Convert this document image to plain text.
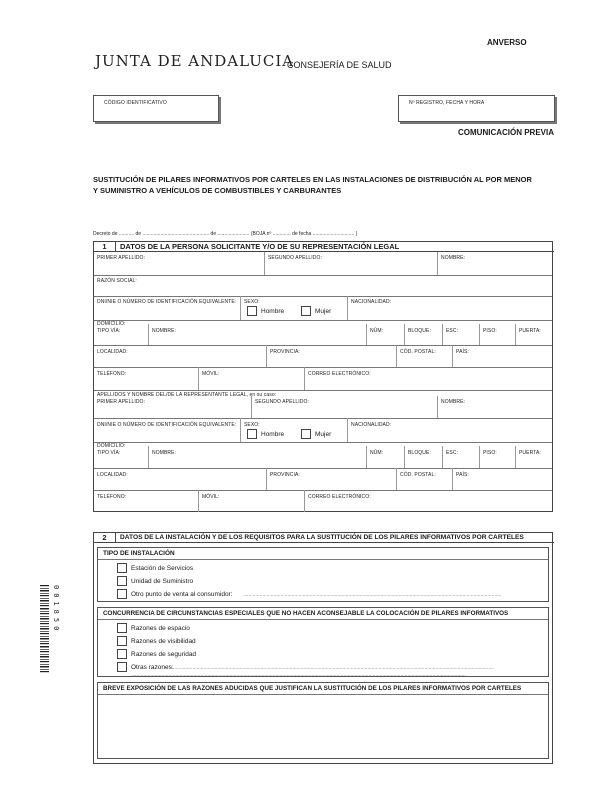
ANVERSO
JUNTA DE ANDALUCIA
CONSEJERÍA DE SALUD
CÓDIGO IDENTIFICATIVO	Nº REGISTRO, FECHA Y HORA
COMUNICACIÓN PREVIA
SUSTITUCIÓN DE PILARES INFORMATIVOS POR CARTELES EN LAS INSTALACIONES DE DISTRIBUCIÓN AL POR MENOR Y SUMINISTRO A VEHÍCULOS DE COMBUSTIBLES Y CARBURANTES
Decreto de ........... de ................................................ de ....................... (BOJA nº ............. de fecha .............................. )
1	DATOS DE LA PERSONA SOLICITANTE Y/O DE SU REPRESENTACIÓN LEGAL
PRIMER APELLIDO:	SEGUNDO APELLIDO:	NOMBRE:
RAZÓN SOCIAL:
DNI/NIE O NÚMERO DE IDENTIFICACIÓN EQUIVALENTE: SEXO:
Hombre	Mujer
NACIONALIDAD:
DOMICILIO:
TIPO VÍA:	NOMBRE:	NÚM:	BLOQUE:	ESC:	PISO:	PUERTA:
LOCALIDAD:	PROVINCIA:	CÓD. POSTAL:	PAÍS:
TELÉFONO:	MÓVIL:	CORREO ELECTRÓNICO:
APELLIDOS Y NOMBRE DEL/DE LA REPRESENTANTE LEGAL, en su caso:
PRIMER APELLIDO:	SEGUNDO APELLIDO:	NOMBRE:
DNI/NIE O NÚMERO DE IDENTIFICACIÓN EQUIVALENTE: SEXO:
Hombre	Mujer
NACIONALIDAD:
DOMICILIO:
TIPO VÍA:	NOMBRE:	NÚM:	BLOQUE:	ESC:	PISO:	PUERTA:
LOCALIDAD:	PROVINCIA:	CÓD. POSTAL:	PAÍS:
TELÉFONO:	MÓVIL:	CORREO ELECTRÓNICO:
2	DATOS DE LA INSTALACIÓN Y DE LOS REQUISITOS PARA LA SUSTITUCIÓN DE LOS PILARES INFORMATIVOS POR CARTELES
TIPO DE INSTALACIÓN
Estación de Servicios
Unidad de Suministro
Otro punto de venta al consumidor: ..........................................................................................................................................................................................
CONCURRENCIA DE CIRCUNSTANCIAS ESPECIALES QUE NO HACEN ACONSEJABLE LA COLOCACIÓN DE PILARES INFORMATIVOS
Razones de espacio
Razones de visibilidad
Razones de seguridad
Otras razones: .......................................................................................................................................................................................................................................
.................................................................................................................................................................................................................................................
BREVE EXPOSICIÓN DE LAS RAZONES ADUCIDAS QUE JUSTIFICAN LA SUSTITUCIÓN DE LOS PILARES INFORMATIVOS POR CARTELES
001850
